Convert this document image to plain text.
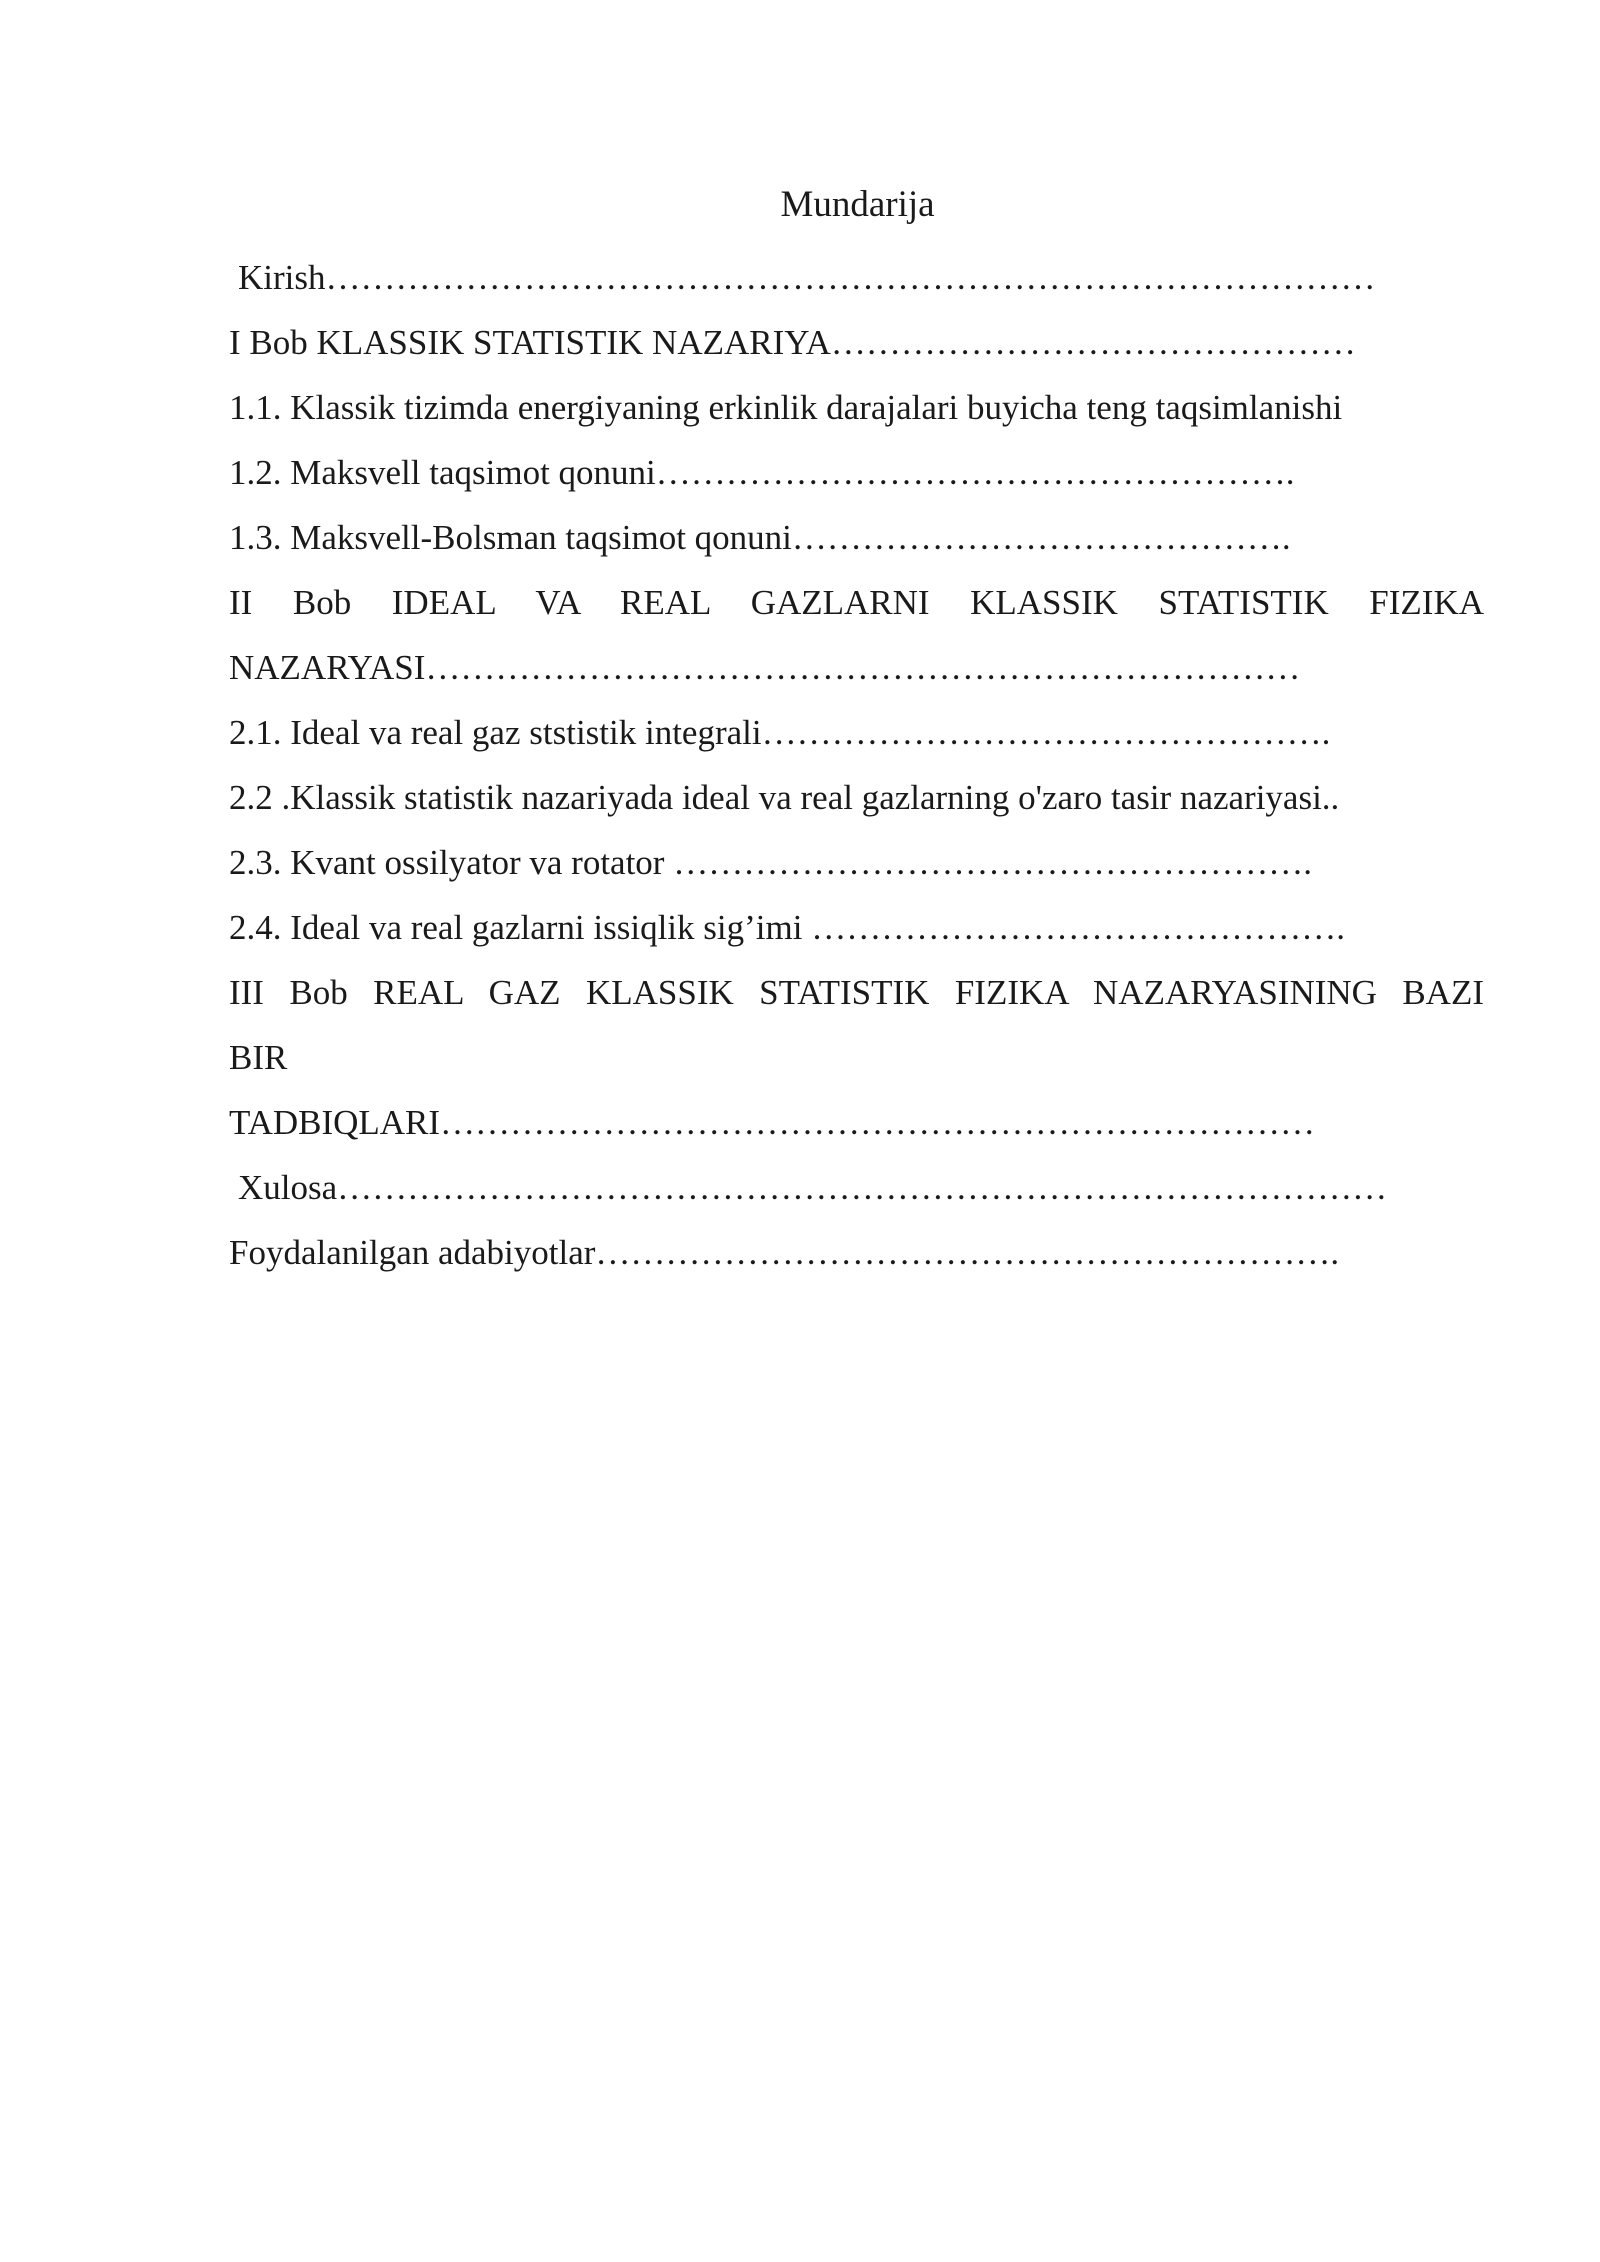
Mundarija
Kirish………………………………………………………………………………
I Bob KLASSIK STATISTIK NAZARIYA………………………………………
1.1. Klassik tizimda energiyaning erkinlik darajalari buyicha teng taqsimlanishi
1.2. Maksvell taqsimot qonuni……………………………………………….
1.3. Maksvell-Bolsman taqsimot qonuni…………………………………….
II Bob IDEAL VA REAL GAZLARNI KLASSIK STATISTIK FIZIKA
NAZARYASI…………………………………………………………………
2.1. Ideal va real gaz ststistik integrali………………………………………….
2.2 .Klassik statistik nazariyada ideal va real gazlarning o'zaro tasir nazariyasi..
2.3. Kvant ossilyator va rotator ……………………………………………….
2.4. Ideal va real gazlarni issiqlik sig’imi ……………………………………….
III Bob REAL GAZ KLASSIK STATISTIK FIZIKA NAZARYASINING BAZI
BIR
TADBIQLARI…………………………………………………………………
Xulosa………………………………………………………………………………
Foydalanilgan adabiyotlar……………………………………………………….
